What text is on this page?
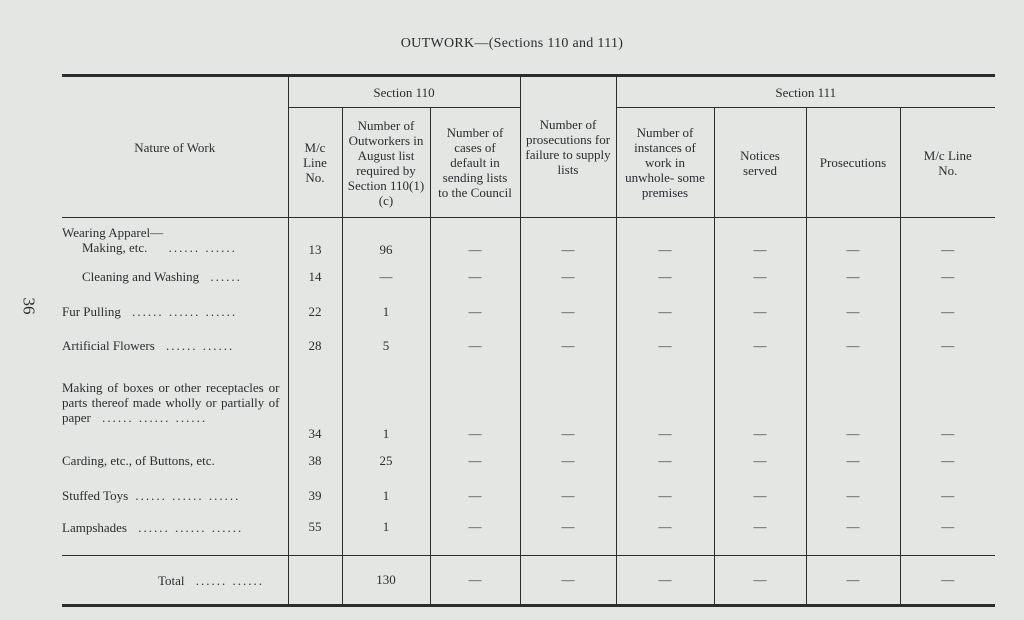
36
OUTWORK—(Sections 110 and 111)
Nature of Work	Section 110			Number of prosecutions for failure to supply lists	Section 111			
	M/c Line No.	Number of Outworkers in August list required by Section 110(1)(c)	Number of cases of default in sending lists to the Council		Number of instances of work in unwhole- some premises	Notices served	Prosecutions	M/c Line No.

Wearing Apparel—
Making, etc. ...... ......	13	96	—	—	—	—	—	—

Cleaning and Washing ......	14	—	—	—	—	—	—	—
Fur Pulling ...... ...... ......	22	1	—	—	—	—	—	—
Artificial Flowers ...... ......	28	5	—	—	—	—	—	—
Making of boxes or other receptacles or parts thereof made wholly or partially of paper ...... ...... ......	34	1	—	—	—	—	—	—
Carding, etc., of Buttons, etc.	38	25	—	—	—	—	—	—
Stuffed Toys ...... ...... ......	39	1	—	—	—	—	—	—
Lampshades ...... ...... ......	55	1	—	—	—	—	—	—
Total ...... ......		130	—	—	—	—	—	—
